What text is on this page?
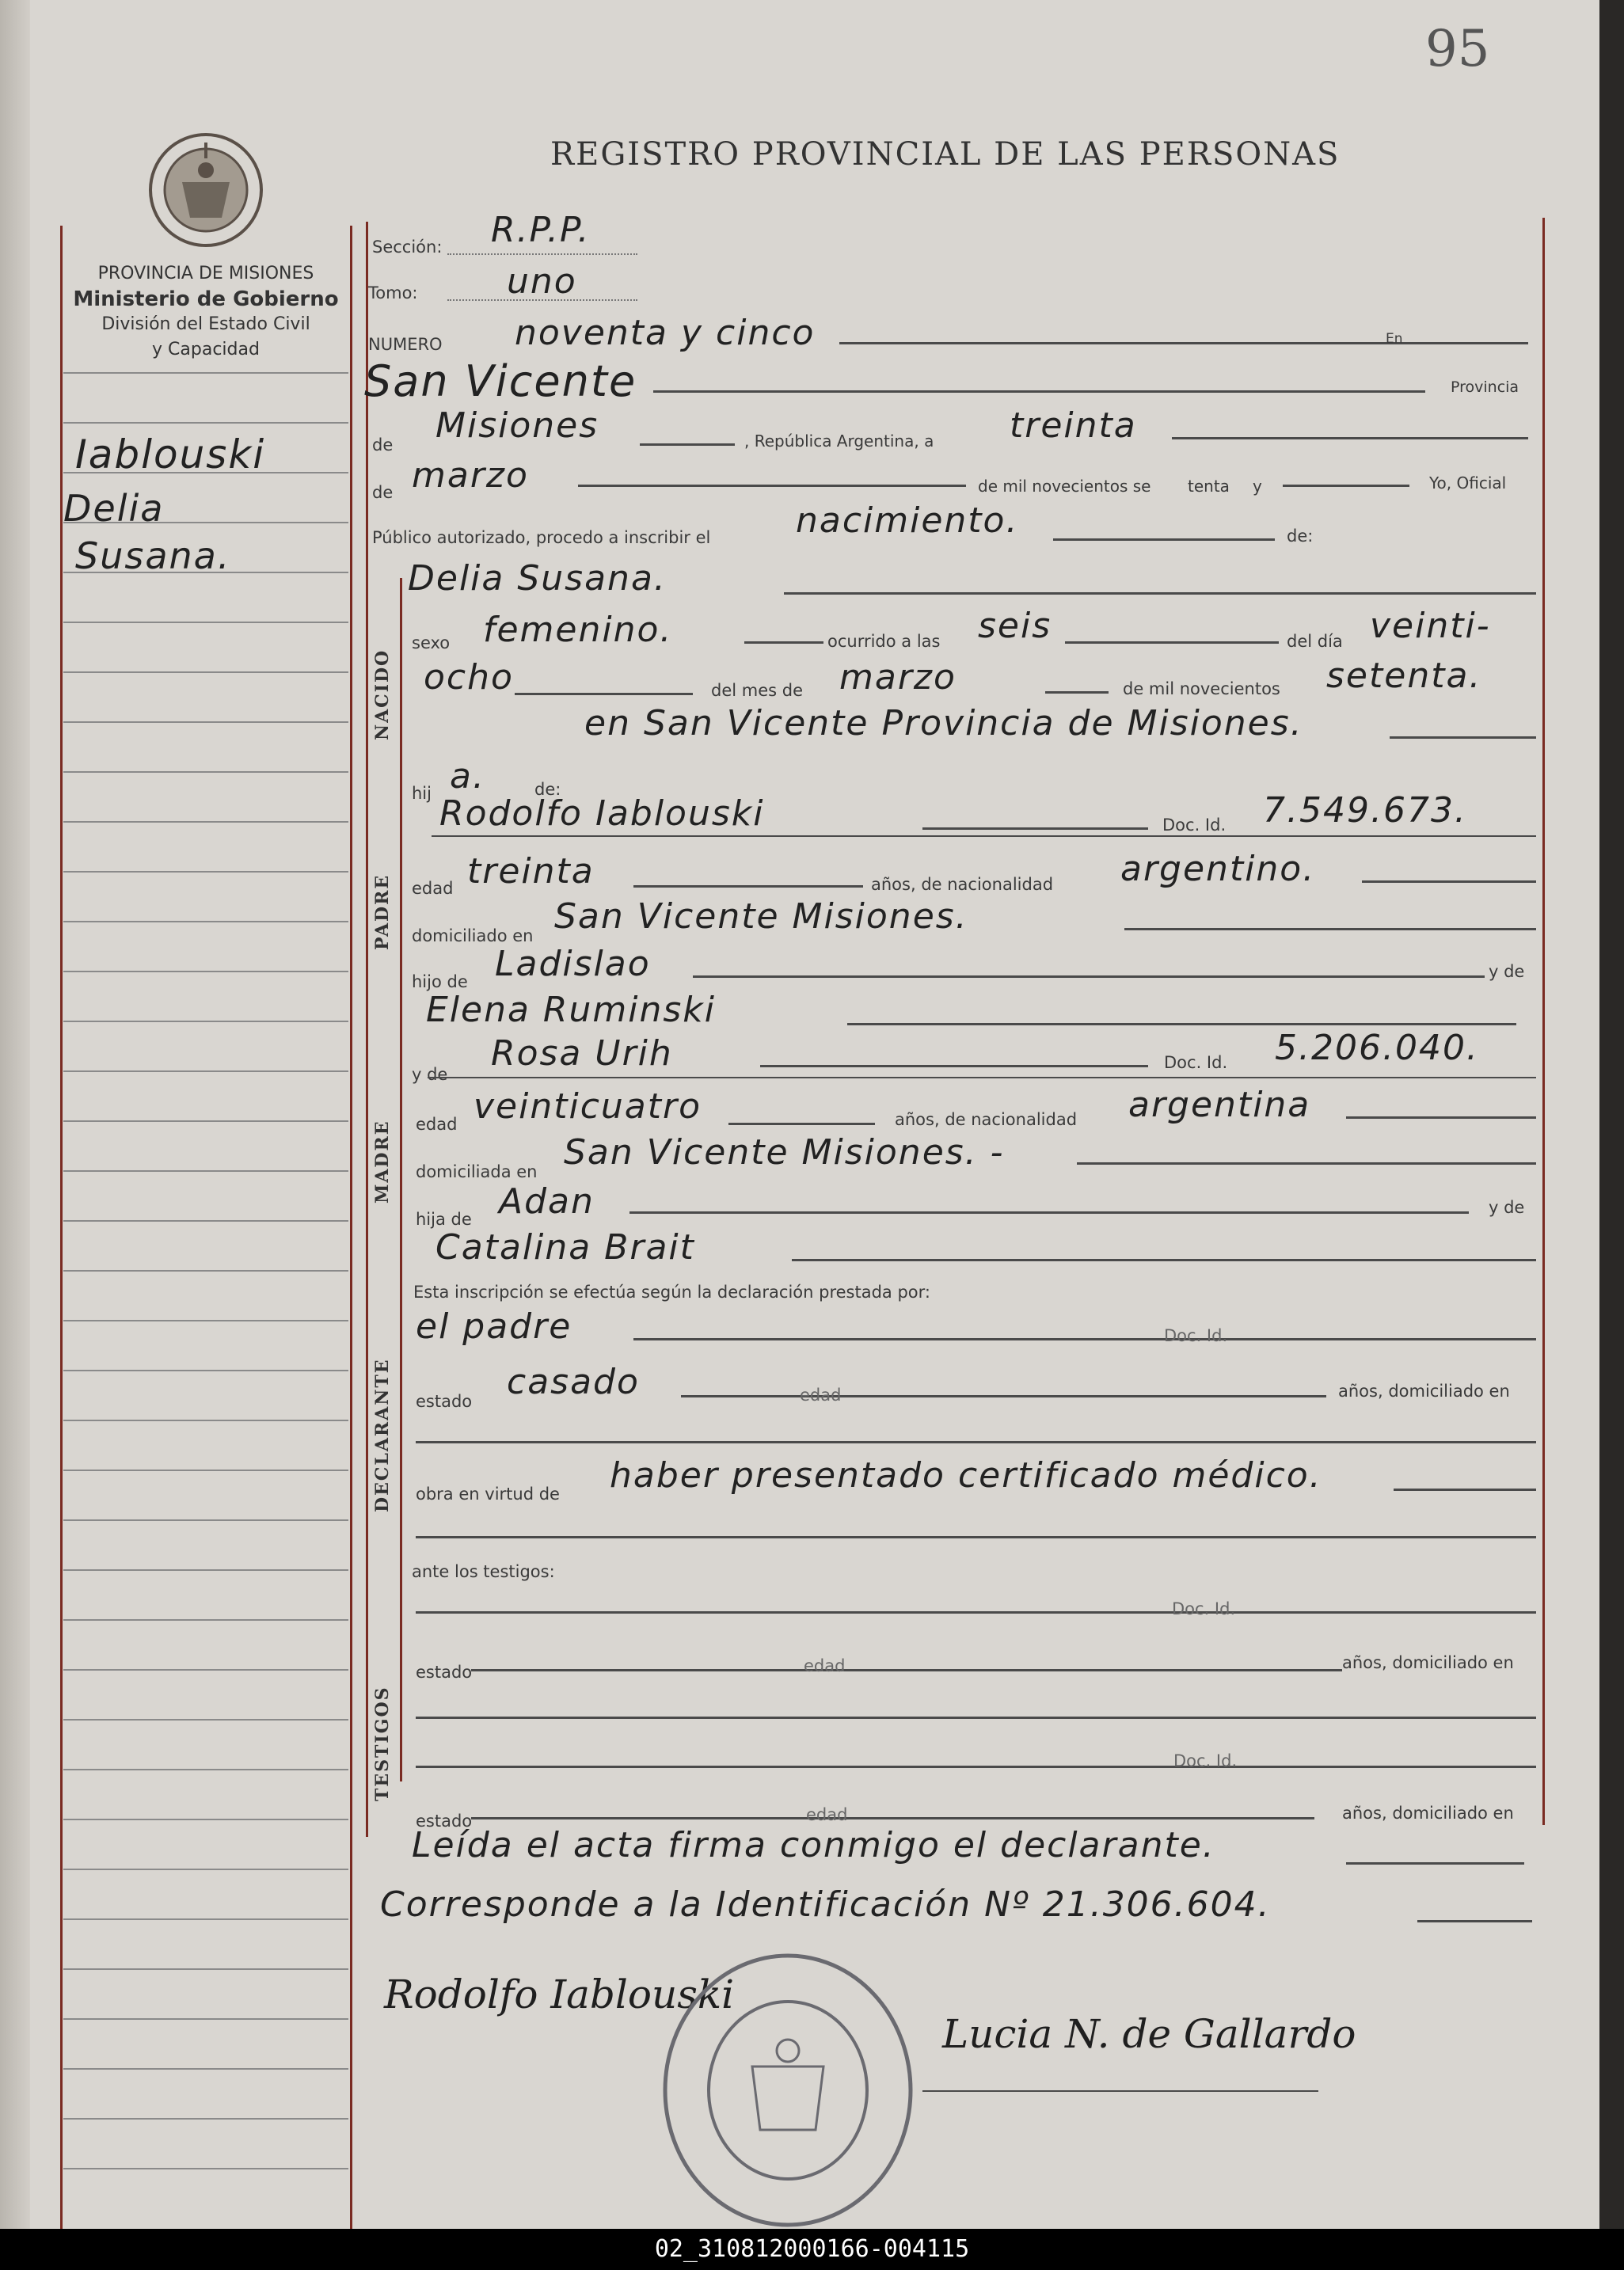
95
REGISTRO PROVINCIAL DE LAS PERSONAS
PROVINCIA DE MISIONES
Ministerio de Gobierno
División del Estado Civil
y Capacidad
Iablouski
Delia
Susana.
Sección: R.P.P.
Tomo:	uno
NUMERO noventa y cinco	En
San Vicente	Provincia
de Misiones	, República Argentina, a treinta
de marzo	de mil novecientos se tenta y	Yo, Oficial
Público autorizado, procedo a inscribir el nacimiento.	de:
NACIDO
Delia Susana.
sexo femenino.	ocurrido a las seis	del día veinti-
ocho	del mes de marzo	de mil novecientos setenta.
en San Vicente Provincia de Misiones.
hij a.	de:
PADRE
Rodolfo Iablouski	Doc. Id. 7.549.673.
edad treinta	años, de nacionalidad argentino.
domiciliado en San Vicente Misiones.
hijo de Ladislao	y de
Elena Ruminski
y de
MADRE
Rosa Urih	Doc. Id. 5.206.040.
edad veinticuatro	años, de nacionalidad argentina
domiciliada en San Vicente Misiones. -
hija de Adan	y de
Catalina Brait
Esta inscripción se efectúa según la declaración prestada por:
DECLARANTE
el padre	Doc. Id.
estado casado	edad	años, domiciliado en
obra en virtud de haber presentado certificado médico.
ante los testigos:
TESTIGOS
Doc. Id.
estado	edad	años, domiciliado en
Doc. Id.
estado	edad	años, domiciliado en
Leída el acta firma conmigo el declarante.
Corresponde a la Identificación Nº 21.306.604.
Rodolfo Iablouski
Lucia N. de Gallardo
02_310812000166-004115
